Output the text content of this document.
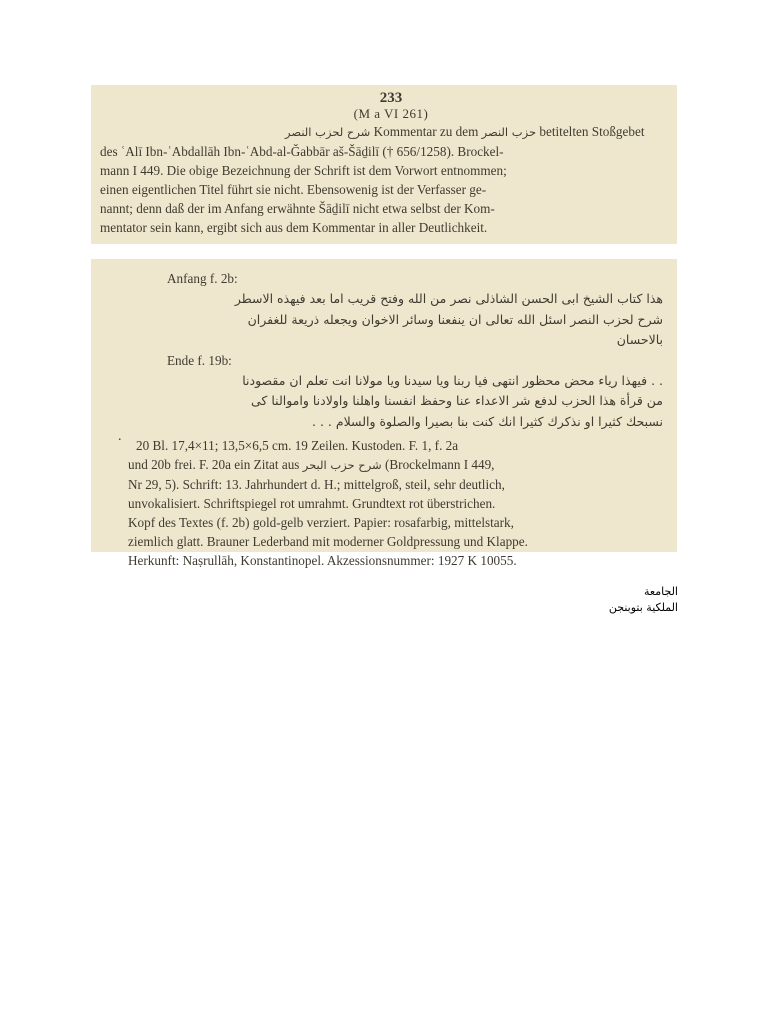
233
(M a VI 261)
شرح لحزب النصر Kommentar zu dem حزب النصر betitelten Stoßgebet
des ʿAlī Ibn-ʿAbdallāh Ibn-ʿAbd-al-Ǧabbār aš-Šāḏilī († 656/1258). Brockel-
mann I 449. Die obige Bezeichnung der Schrift ist dem Vorwort entnommen;
einen eigentlichen Titel führt sie nicht. Ebensowenig ist der Verfasser ge-
nannt; denn daß der im Anfang erwähnte Šāḏilī nicht etwa selbst der Kom-
mentator sein kann, ergibt sich aus dem Kommentar in aller Deutlichkeit.
Anfang f. 2b:
هذا كتاب الشيخ ابى الحسن الشاذلى نصر من الله وفتح قريب اما بعد فيهذه الاسطر
شرح لحزب النصر اسئل الله تعالى ان ينفعنا وسائر الاخوان ويجعله ذريعة للغفران
بالاحسان
Ende f. 19b:
. . فيهذا رياء محض محظور انتهى فيا ربنا ويا سيدنا ويا مولانا انت تعلم ان مقصودنا
من قرأة هذا الحزب لدفع شر الاعداء عنا وحفظ انفسنا واهلنا واولادنا واموالنا كى
نسبحك كثيرا او نذكرك كثيرا انك كنت بنا بصيرا والصلوة والسلام . . .
.
20 Bl. 17,4×11; 13,5×6,5 cm. 19 Zeilen. Kustoden. F. 1, f. 2a
und 20b frei. F. 20a ein Zitat aus شرح حزب البحر (Brockelmann I 449,
Nr 29, 5). Schrift: 13. Jahrhundert d. H.; mittelgroß, steil, sehr deutlich,
unvokalisiert. Schriftspiegel rot umrahmt. Grundtext rot überstrichen.
Kopf des Textes (f. 2b) gold-gelb verziert. Papier: rosafarbig, mittelstark,
ziemlich glatt. Brauner Lederband mit moderner Goldpressung und Klappe.
Herkunft: Naṣrullāh, Konstantinopel. Akzessionsnummer: 1927 K 10055.
الجامعة
الملكية بتوبنجن
